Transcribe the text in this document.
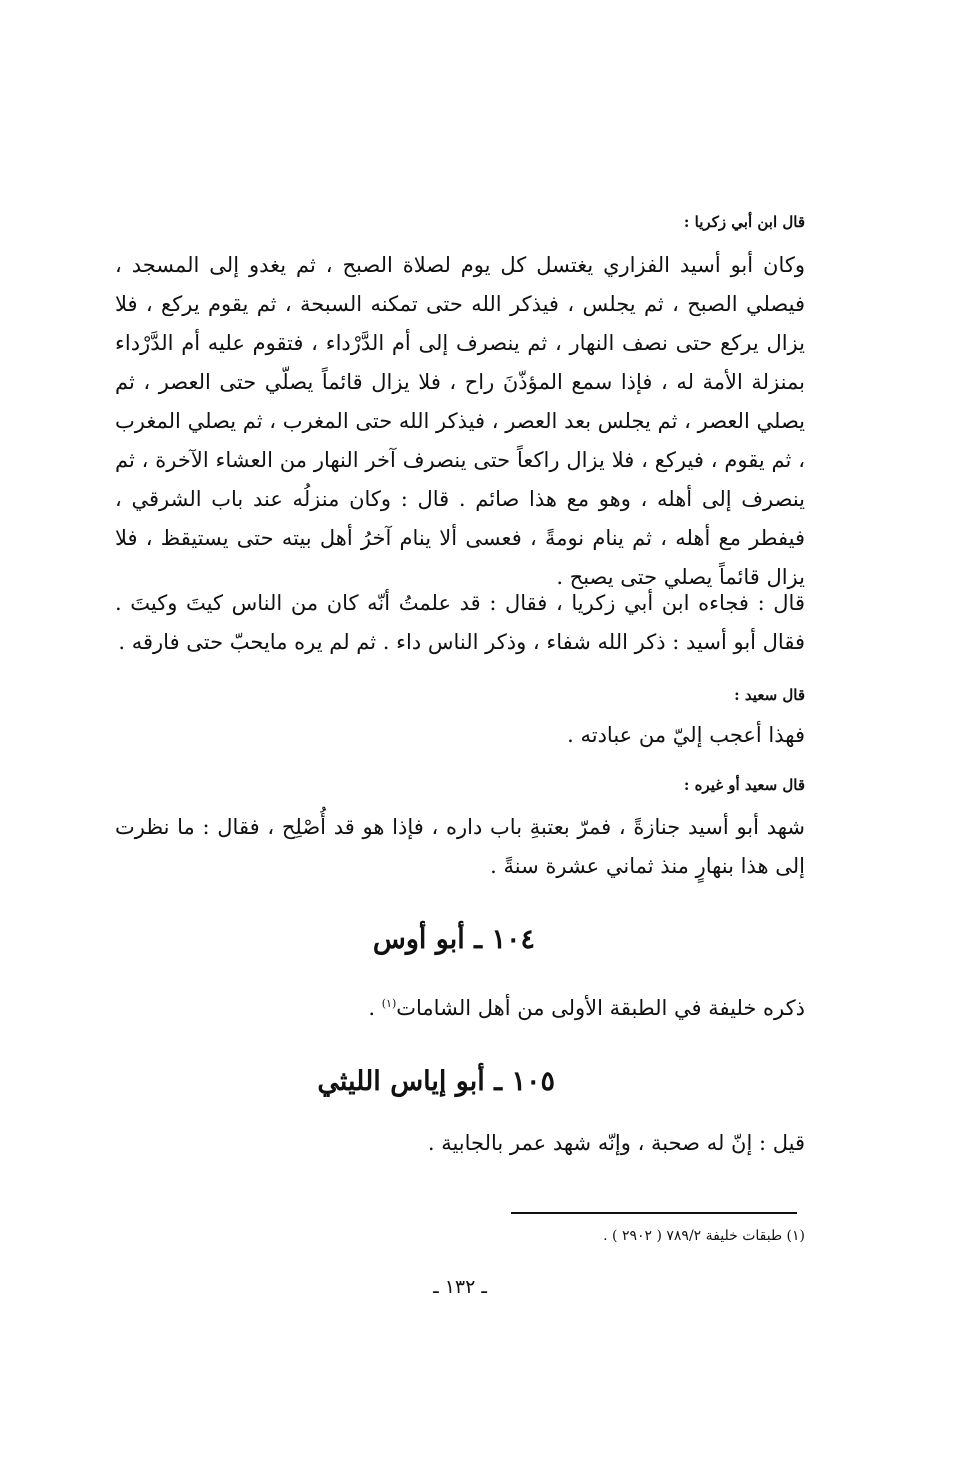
قال ابن أبي زكريا :

وكان أبو أسيد الفزاري يغتسل كل يوم لصلاة الصبح ، ثم يغدو إلى المسجد ، فيصلي الصبح ، ثم يجلس ، فيذكر الله حتى تمكنه السبحة ، ثم يقوم يركع ، فلا يزال يركع حتى نصف النهار ، ثم ينصرف إلى أم الدَّرْداء ، فتقوم عليه أم الدَّرْداء بمنزلة الأمة له ، فإذا سمع المؤذّنَ راح ، فلا يزال قائماً يصلّي حتى العصر ، ثم يصلي العصر ، ثم يجلس بعد العصر ، فيذكر الله حتى المغرب ، ثم يصلي المغرب ، ثم يقوم ، فيركع ، فلا يزال راكعاً حتى ينصرف آخر النهار من العشاء الآخرة ، ثم ينصرف إلى أهله ، وهو مع هذا صائم . قال : وكان منزلُه عند باب الشرقي ، فيفطر مع أهله ، ثم ينام نومةً ، فعسى ألا ينام آخرُ أهل بيته حتى يستيقظ ، فلا يزال قائماً يصلي حتى يصبح .

قال : فجاءه ابن أبي زكريا ، فقال : قد علمتُ أنّه كان من الناس كيتَ وكيتَ . فقال أبو أسيد : ذكر الله شفاء ، وذكر الناس داء . ثم لم يره مايحبّ حتى فارقه .

قال سعيد :

فهذا أعجب إليّ من عبادته .

قال سعيد أو غيره :

شهد أبو أسيد جنازةً ، فمرّ بعتبةِ باب داره ، فإذا هو قد أُصْلِح ، فقال : ما نظرت إلى هذا بنهارٍ منذ ثماني عشرة سنةً .

١٠٤ ـ أبو أوس

ذكره خليفة في الطبقة الأولى من أهل الشامات$^{(١)}$ .

١٠٥ ـ أبو إياس الليثي

قيل : إنّ له صحبة ، وإنّه شهد عمر بالجابية .

(١) طبقات خليفة ٧٨٩/٢ ( ٢٩٠٢ ) .
ـ ١٣٢ ـ
